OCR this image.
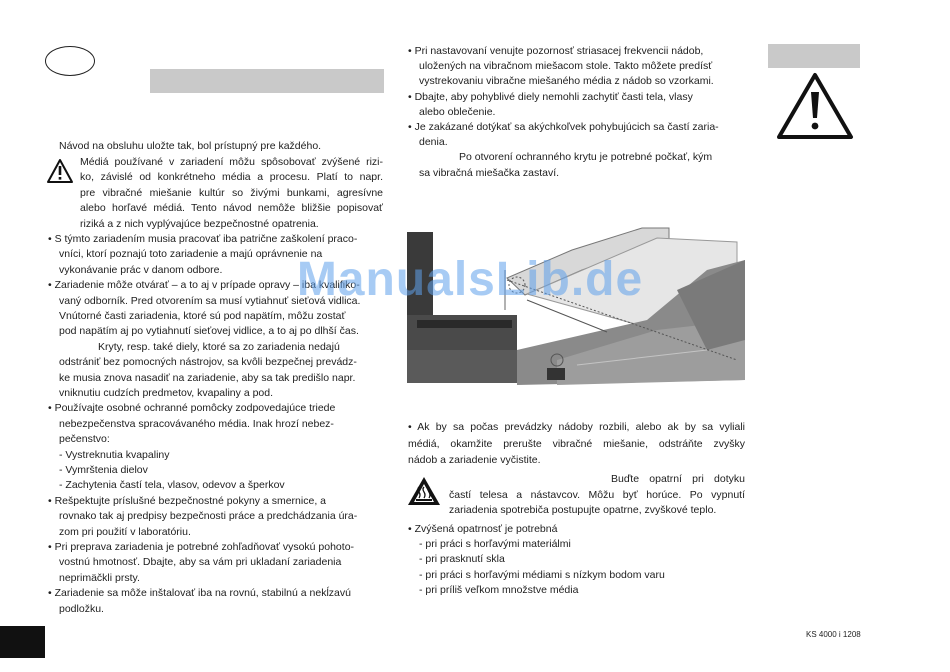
Návod na obsluhu uložte tak, bol prístupný pre každého.
Médiá používané v zariadení môžu spôsobovať zvýšené rizi-
ko, závislé od konkrétneho média a procesu. Platí to napr.
pre vibračné miešanie kultúr so živými bunkami, agresívne
alebo horľavé médiá. Tento návod nemôže bližšie popisovať
riziká a z nich vyplývajúce bezpečnostné opatrenia.
• S týmto zariadením musia pracovať iba patrične zaškolení praco-
vníci, ktorí poznajú toto zariadenie a majú oprávnenie na
vykonávanie prác v danom odbore.
• Zariadenie môže otvárať – a to aj v prípade opravy – iba kvalifiko-
vaný odborník. Pred otvorením sa musí vytiahnuť sieťová vidlica.
Vnútorné časti zariadenia, ktoré sú pod napätím, môžu zostať
pod napätím aj po vytiahnutí sieťovej vidlice, a to aj po dlhší čas.
Kryty, resp. také diely, ktoré sa zo zariadenia nedajú
odstrániť bez pomocných nástrojov, sa kvôli bezpečnej prevádz-
ke musia znova nasadiť na zariadenie, aby sa tak predišlo napr.
vniknutiu cudzích predmetov, kvapaliny a pod.
• Používajte osobné ochranné pomôcky zodpovedajúce triede
nebezpečenstva spracovávaného média. Inak hrozí nebez-
pečenstvo:
- Vystreknutia kvapaliny
- Vymrštenia dielov
- Zachytenia častí tela, vlasov, odevov a šperkov
• Rešpektujte príslušné bezpečnostné pokyny a smernice, a
rovnako tak aj predpisy bezpečnosti práce a predchádzania úra-
zom pri použití v laboratóriu.
• Pri preprava zariadenia je potrebné zohľadňovať vysokú pohoto-
vostnú hmotnosť. Dbajte, aby sa vám pri ukladaní zariadenia
neprimäčkli prsty.
• Zariadenie sa môže inštalovať iba na rovnú, stabilnú a nekĺzavú
podložku.
• Pri nastavovaní venujte pozornosť striasacej frekvencii nádob,
uložených na vibračnom miešacom stole. Takto môžete predísť
vystrekovaniu vibračne miešaného média z nádob so vzorkami.
• Dbajte, aby pohyblivé diely nemohli zachytiť časti tela, vlasy
alebo oblečenie.
• Je zakázané dotýkať sa akýchkoľvek pohybujúcich sa častí zaria-
denia.
Po otvorení ochranného krytu je potrebné počkať, kým
sa vibračná miešačka zastaví.
ManualsLib.de
• Ak by sa počas prevádzky nádoby rozbili, alebo ak by sa vyliali
médiá, okamžite prerušte vibračné miešanie, odstráňte zvyšky
nádob a zariadenie vyčistite.
Buďte opatrní pri dotyku
častí telesa a nástavcov. Môžu byť horúce. Po vypnutí
zariadenia spotrebiča postupujte opatrne, zvyškové teplo.
• Zvýšená opatrnosť je potrebná
- pri práci s horľavými materiálmi
- pri prasknutí skla
- pri práci s horľavými médiami s nízkym bodom varu
- pri príliš veľkom množstve média
KS 4000 i 1208
